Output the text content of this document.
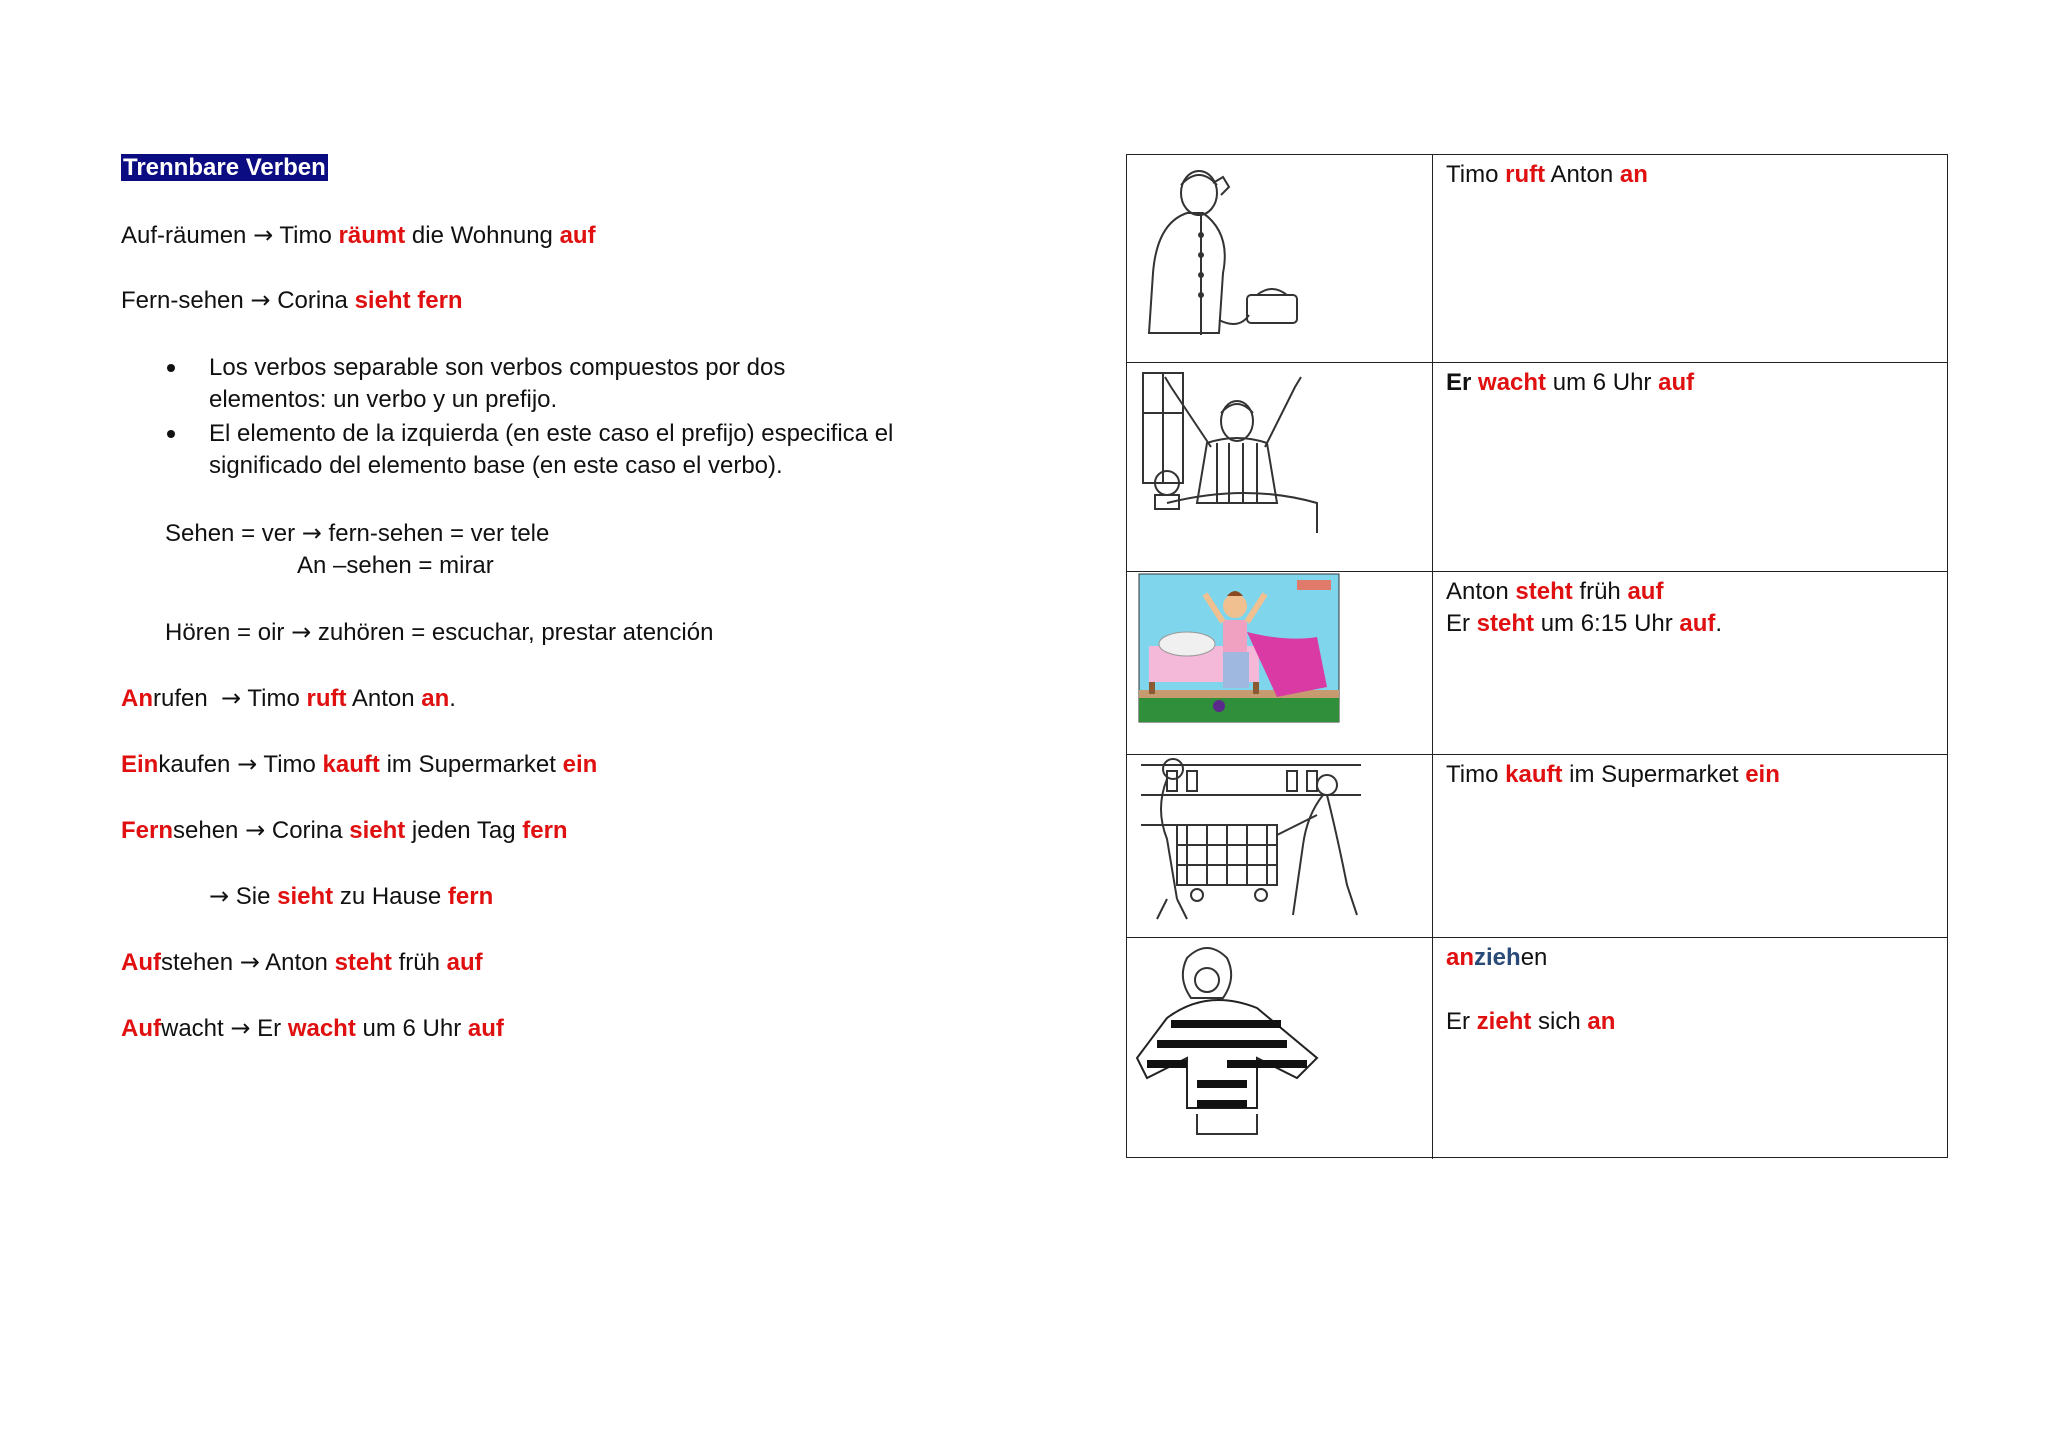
Trennbare Verben
Auf-räumen → Timo räumt die Wohnung auf
Fern-sehen → Corina sieht fern
Los verbos separable son verbos compuestos por dos
elementos: un verbo y un prefijo.
El elemento de la izquierda (en este caso el prefijo) especifica el
significado del elemento base (en este caso el verbo).
Sehen = ver → fern-sehen = ver tele
An –sehen = mirar
Hören = oir → zuhören = escuchar, prestar atención
Anrufen → Timo ruft Anton an.
Einkaufen → Timo kauft im Supermarket ein
Fernsehen → Corina sieht jeden Tag fern
→ Sie sieht zu Hause fern
Aufstehen → Anton steht früh auf
Aufwacht → Er wacht um 6 Uhr auf

Timo ruft Anton an

Er wacht um 6 Uhr auf

Anton steht früh auf

Er steht um 6:15 Uhr auf.

Timo kauft im Supermarket ein

anziehen

Er zieht sich an
